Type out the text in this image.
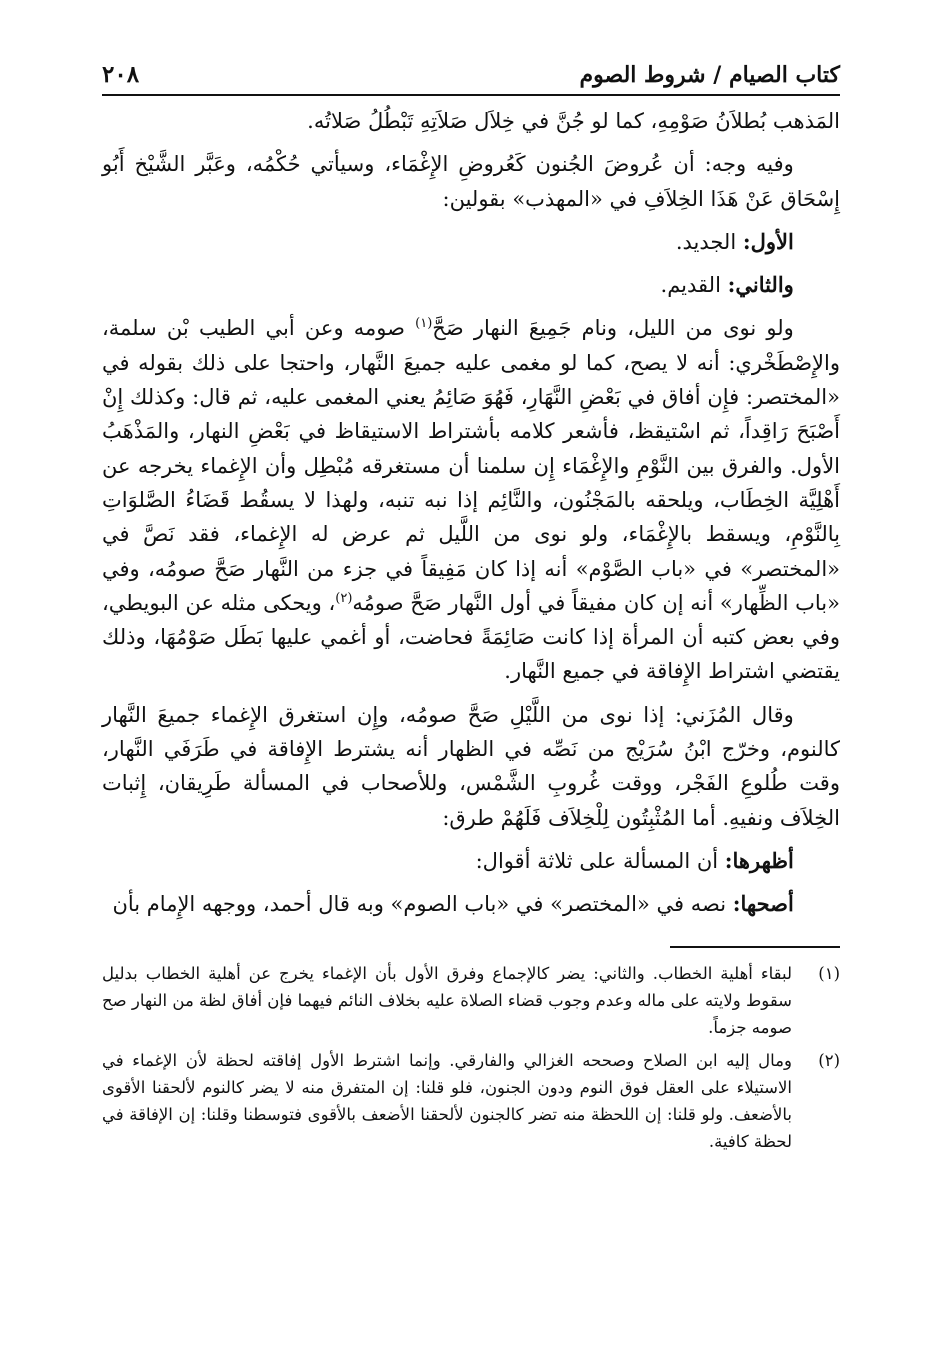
كتاب الصيام / شروط الصوم
٢٠٨

المَذهب بُطلاَنُ صَوْمِهِ، كما لو جُنَّ في خِلاَل صَلاَتِهِ تَبْطُلُ صَلاتُه.

وفيه وجه: أن عُروضَ الجُنون كَعُروضِ الإِغْمَاء، وسيأتي حُكْمُه، وعَبَّر الشَّيْخ أَبُو إِسْحَاق عَنْ هَذَا الخِلاَفِ في «المهذب» بقولين:

الأول: الجديد.

والثاني: القديم.

ولو نوى من الليل، ونام جَمِيعَ النهار صَحَّ$^{(١)}$ صومه وعن أبي الطيب بْن سلمة، والإِصْطَخْري: أنه لا يصح، كما لو مغمى عليه جميعَ النَّهار، واحتجا على ذلك بقوله في «المختصر: فإِن أفاق في بَعْضِ النَّهَارِ، فَهُوَ صَائِمُ يعني المغمى عليه، ثم قال: وكذلك إِنْ أَصْبَحَ رَاقِداً، ثم اسْتيقظ، فأشعر كلامه بأشتراط الاستيقاظ في بَعْضِ النهار، والمَذْهَبُ الأول. والفرق بين النَّوْمِ والإِغْمَاء إِن سلمنا أن مستغرقه مُبْطِل وأن الإِغماء يخرجه عن أَهْلِيَّة الخِطَاب، ويلحقه بالمَجْنُون، والنَّائِم إذا نبه تنبه، ولهذا لا يسقُط قَضَاءُ الصَّلوَاتِ بِالنَّوْمِ، ويسقط بالإِغْمَاء، ولو نوى من اللَّيل ثم عرض له الإِغماء، فقد نَصَّ في «المختصر» في «باب الصَّوْم» أنه إذا كان مَفِيقاً في جزء من النَّهار صَحَّ صومُه، وفي «باب الظِّهار» أنه إن كان مفيقاً في أول النَّهار صَحَّ صومُه$^{(٢)}$، ويحكى مثله عن البويطي، وفي بعض كتبه أن المرأة إذا كانت صَائِمَةً فحاضت، أو أغمي عليها بَطَل صَوْمُهَا، وذلك يقتضي اشتراط الإِفاقة في جميع النَّهار.

وقال المُزَني: إذا نوى من اللَّيْلِ صَحَّ صومُه، وإِن استغرق الإِغماء جميعَ النَّهار كالنوم، وخرّج ابْنُ سُرَيْج من نَصِّه في الظهار أنه يشترط الإِفاقة في طَرَفَي النَّهار، وقت طُلوعِ الفَجْر، ووقت غُروبِ الشَّمْس، وللأصحاب في المسألة طَرِيقان، إِثبات الخِلاَف ونفيهِ. أما المُثْبِتُون لِلْخِلاَف فَلَهُمْ طرق:

أظهرها: أن المسألة على ثلاثة أقوال:

أصحها: نصه في «المختصر» في «باب الصوم» وبه قال أحمد، ووجهه الإِمام بأن

(١)
لبقاء أهلية الخطاب. والثاني: يضر كالإجماع وفرق الأول بأن الإغماء يخرج عن أهلية الخطاب بدليل سقوط ولايته على ماله وعدم وجوب قضاء الصلاة عليه بخلاف النائم فيهما فإن أفاق لظة من النهار صح صومه جزماً.
(٢)
ومال إليه ابن الصلاح وصححه الغزالي والفارقي. وإنما اشترط الأول إفاقته لحظة لأن الإغماء في الاستيلاء على العقل فوق النوم ودون الجنون، فلو قلنا: إن المتفرق منه لا يضر كالنوم لألحقنا الأقوى بالأضعف. ولو قلنا: إن اللحظة منه تضر كالجنون لألحقنا الأضعف بالأقوى فتوسطنا وقلنا: إن الإفاقة في لحظة كافية.
